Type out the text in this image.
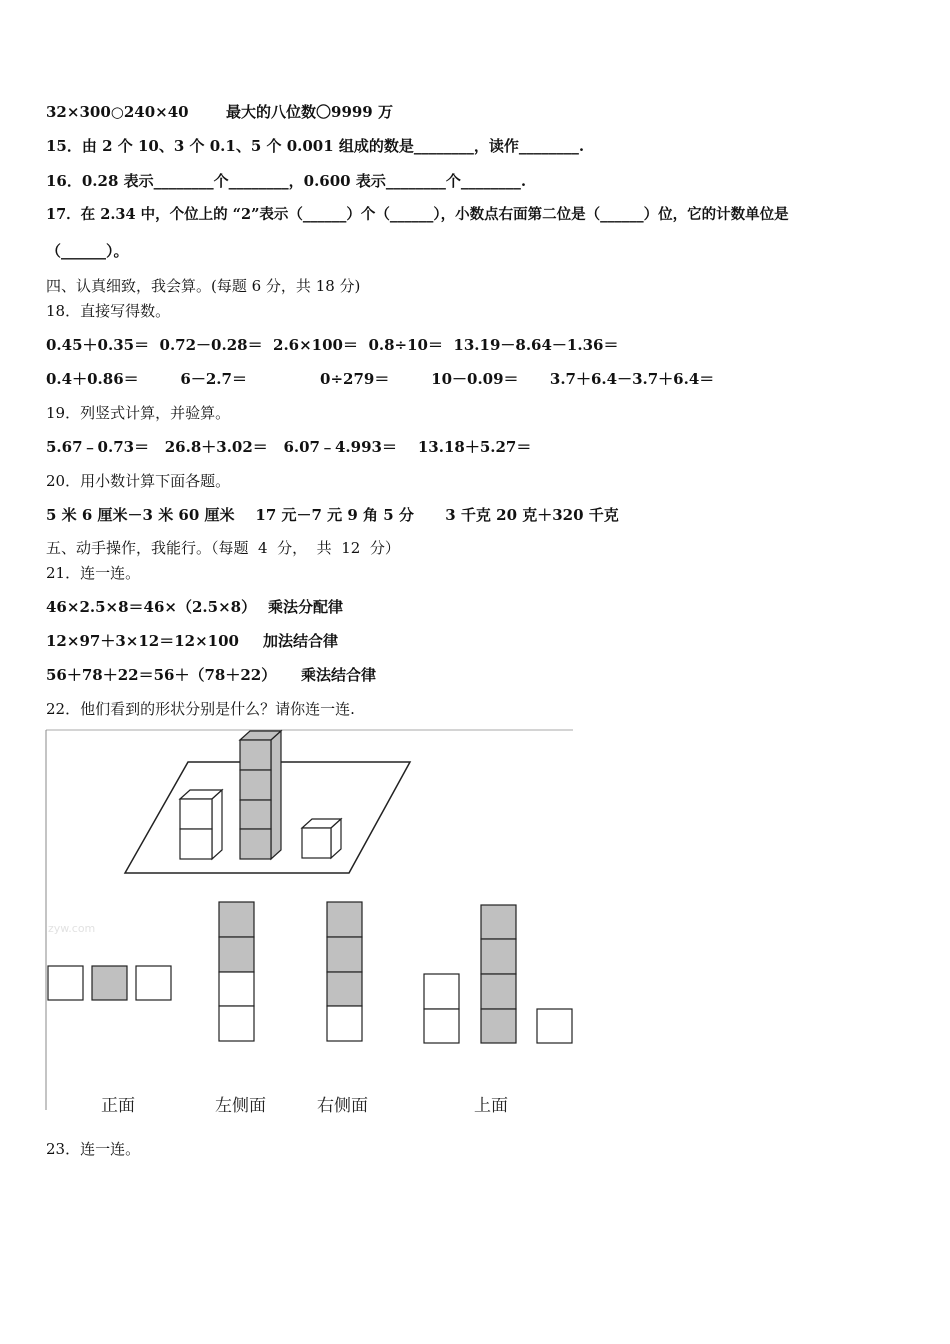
32×300○240×40 最大的八位数〇9999 万
15．由 2 个 10、3 个 0.1、5 个 0.001 组成的数是________，读作________.
16．0.28 表示________个________，0.600 表示________个________.
17．在 2.34 中，个位上的 “2”表示（______）个（______），小数点右面第二位是（______）位，它的计数单位是
（______）。
四、认真细致，我会算。(每题 6 分，共 18 分)
18．直接写得数。
0.45＋0.35＝  0.72－0.28＝  2.6×100＝  0.8÷10＝  13.19－8.64－1.36＝
0.4＋0.86＝        6－2.7＝              0÷279＝        10－0.09＝      3.7＋6.4－3.7＋6.4＝
19．列竖式计算，并验算。
5.67﹣0.73＝   26.8＋3.02＝   6.07﹣4.993＝    13.18＋5.27＝
20．用小数计算下面各题。
5 米 6 厘米－3 米 60 厘米    17 元－7 元 9 角 5 分      3 千克 20 克＋320 千克
五、动手操作，我能行。（每题  4  分，  共  12  分）
21．连一连。
46×2.5×8＝46×（2.5×8） 乘法分配律
12×97＋3×12＝12×100 加法结合律
56＋78＋22＝56＋（78＋22） 乘法结合律
22．他们看到的形状分别是什么？请你连一连.
zyw.com
正面	左侧面	右侧面	上面
23．连一连。
